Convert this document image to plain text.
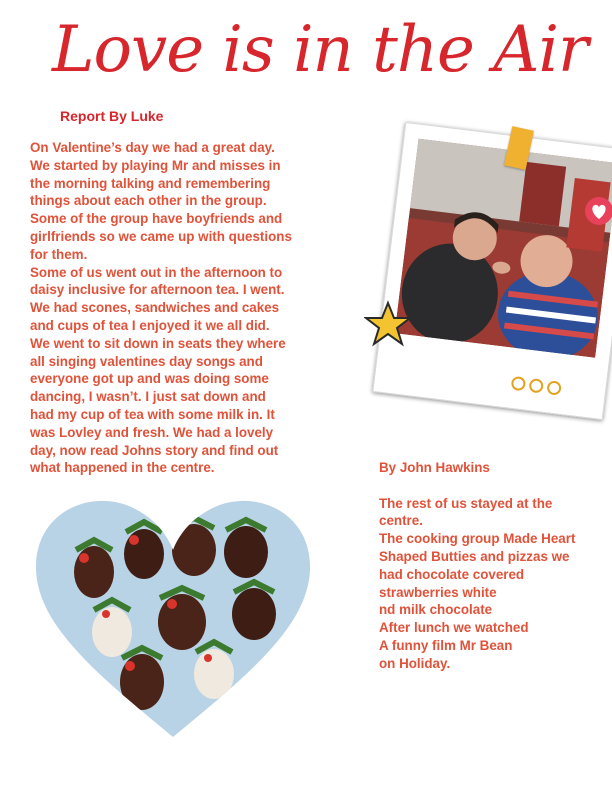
Love is in the Air
Report By Luke

On Valentine’s day we had a great day.

We started by playing Mr and misses in

the morning talking and remembering

things about each other in the group.

Some of the group have boyfriends and

girlfriends so we came up with questions

for them.

Some of us went out in the afternoon to

daisy inclusive for afternoon tea. I went.

We had scones, sandwiches and cakes

and cups of tea I enjoyed it we all did.

We went to sit down in seats they where

all singing valentines day songs and

everyone got up and was doing some

dancing, I wasn’t. I just sat down and

had my cup of tea with some milk in. It

was Lovley and fresh. We had a lovely

day, now read Johns story and find out

what happened in the centre.	By John Hawkins

The rest of us stayed at the

centre.

The cooking group Made Heart

Shaped Butties and pizzas we

had chocolate covered

strawberries white

nd milk chocolate

After lunch we watched

A funny film Mr Bean

on Holiday.
